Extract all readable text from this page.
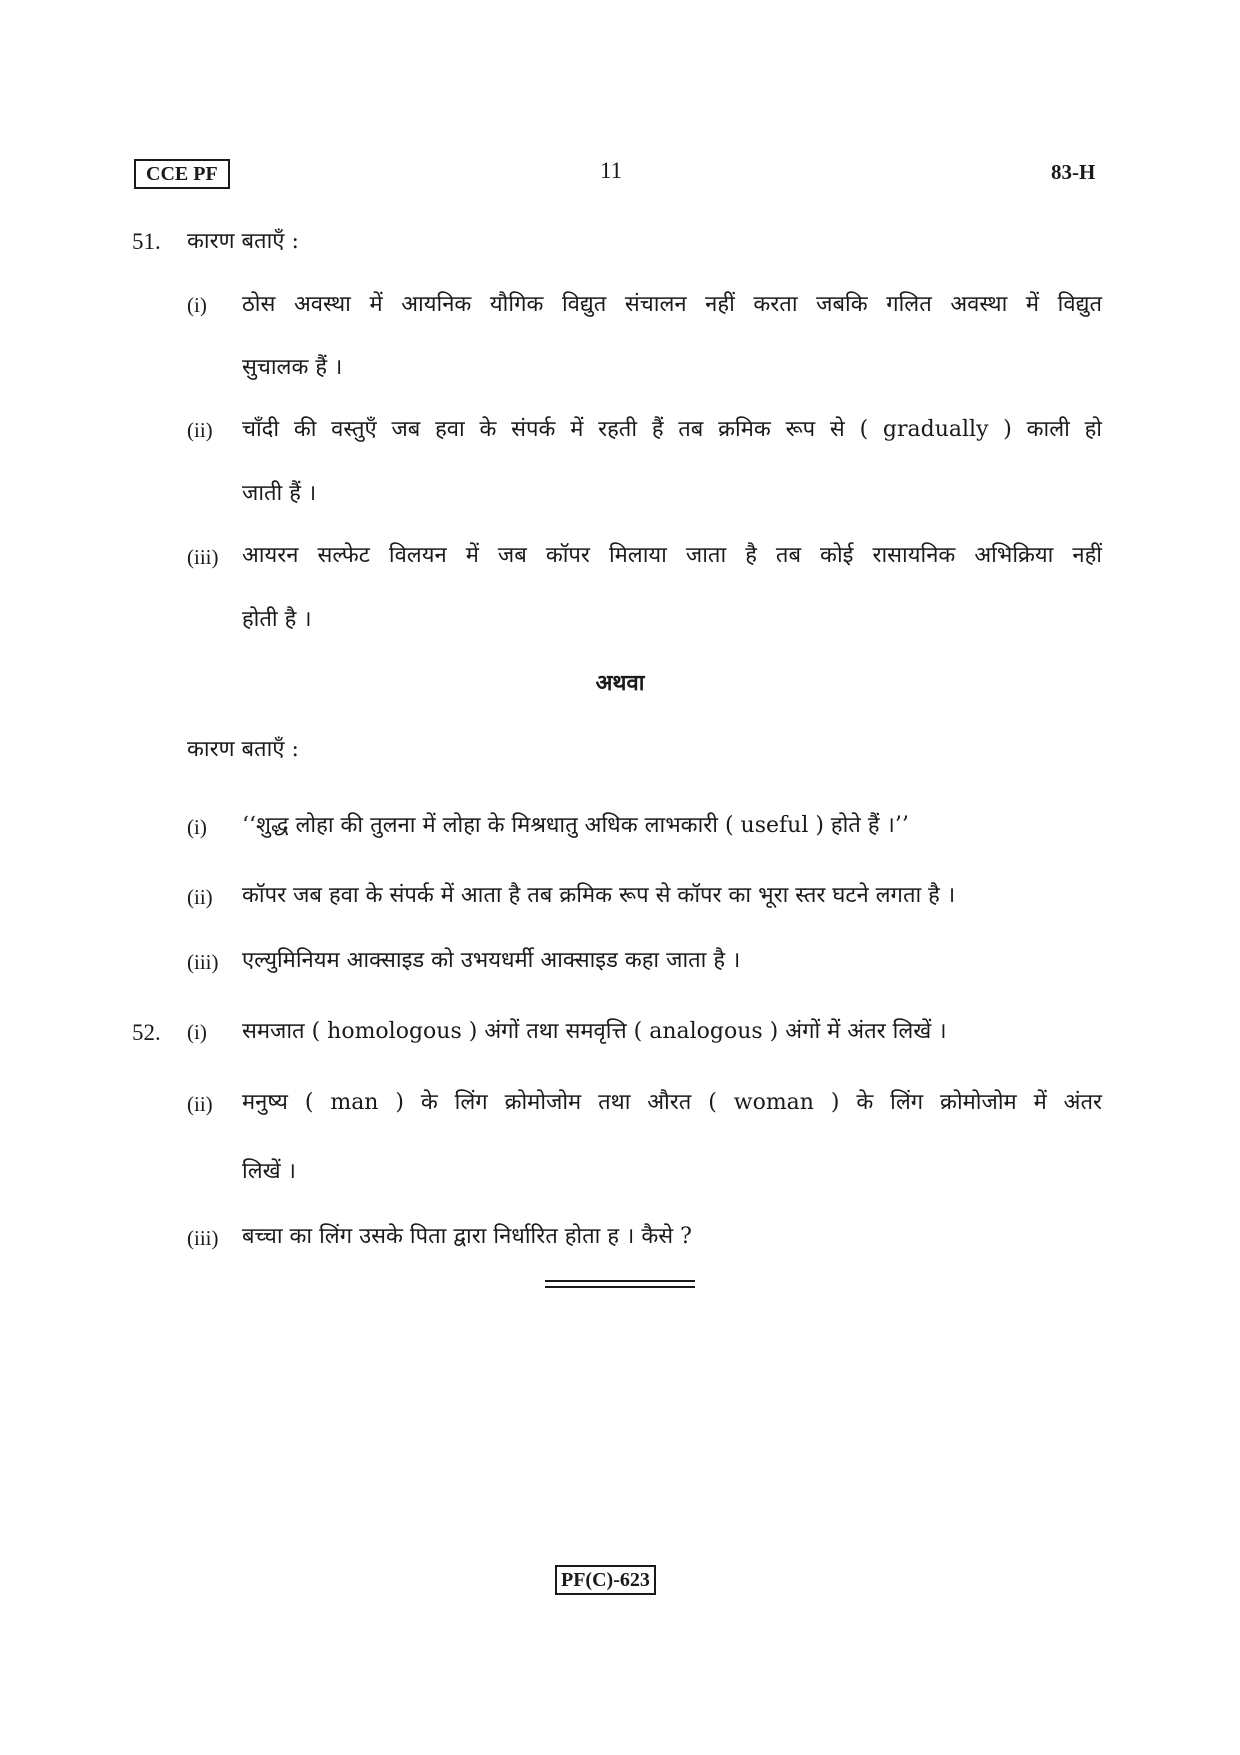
CCE PF	11	83-H
51. कारण बताएँ :
(i) ठोस अवस्था में आयनिक यौगिक विद्युत संचालन नहीं करता जबकि गलित अवस्था में विद्युत
सुचालक हैं ।
(ii) चाँदी की वस्तुएँ जब हवा के संपर्क में रहती हैं तब क्रमिक रूप से ( gradually ) काली हो
जाती हैं ।
(iii) आयरन सल्फेट विलयन में जब कॉपर मिलाया जाता है तब कोई रासायनिक अभिक्रिया नहीं
होती है ।
अथवा
कारण बताएँ :
(i) ‘‘शुद्ध लोहा की तुलना में लोहा के मिश्रधातु अधिक लाभकारी ( useful ) होते हैं ।’’
(ii) कॉपर जब हवा के संपर्क में आता है तब क्रमिक रूप से कॉपर का भूरा स्तर घटने लगता है ।
(iii) एल्युमिनियम आक्साइड को उभयधर्मी आक्साइड कहा जाता है ।
52. (i) समजात ( homologous ) अंगों तथा समवृत्ति ( analogous ) अंगों में अंतर लिखें ।
(ii) मनुष्य ( man ) के लिंग क्रोमोजोम तथा औरत ( woman ) के लिंग क्रोमोजोम में अंतर
लिखें ।
(iii) बच्चा का लिंग उसके पिता द्वारा निर्धारित होता ह । कैसे ?
PF(C)-623
